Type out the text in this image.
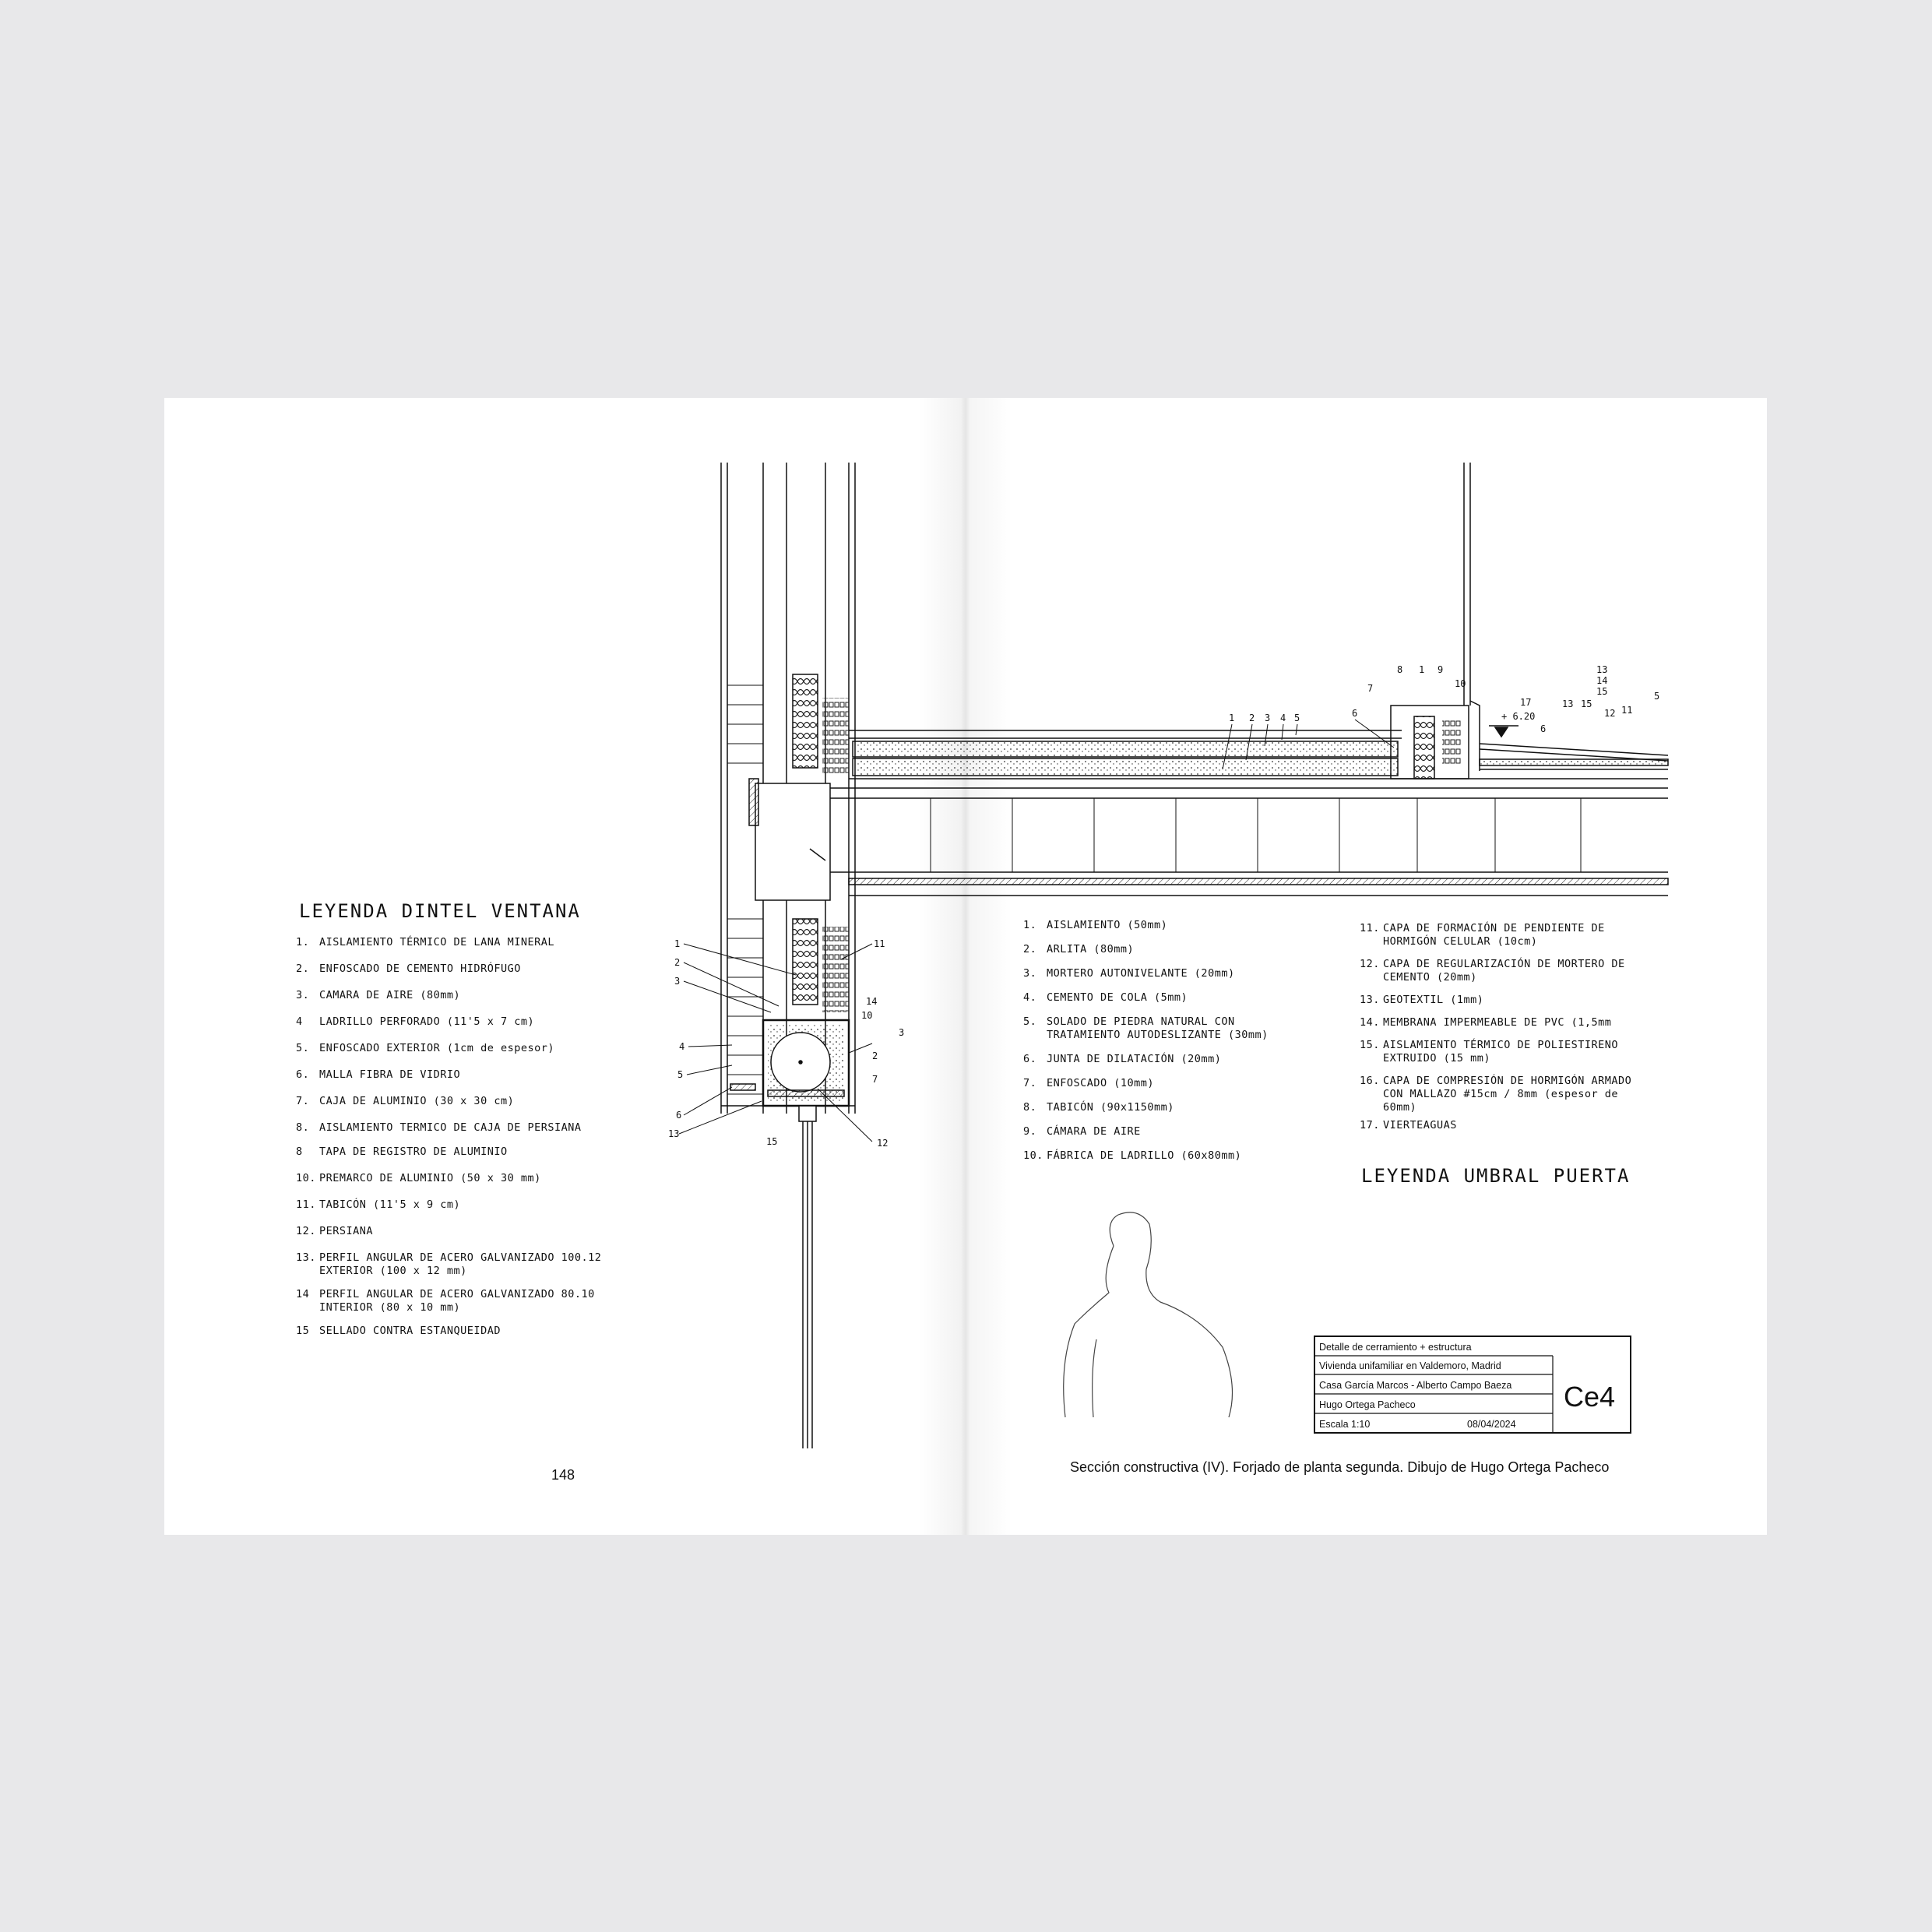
1
2
3
4
5
6
13
15
11
14
10
3
2
7
12
1 2 3 4 5	6
7
8 1 9
10
17
+ 6.20
13
14
15
13 15
12 11
5
6
Detalle de cerramiento + estructura
Vivienda unifamiliar en Valdemoro, Madrid
Casa García Marcos - Alberto Campo Baeza
Hugo Ortega Pacheco
Escala 1:10	08/04/2024
Ce4
LEYENDA DINTEL VENTANA
1. AISLAMIENTO TÉRMICO DE LANA MINERAL
2. ENFOSCADO DE CEMENTO HIDRÓFUGO
3. CAMARA DE AIRE (80mm)
4	LADRILLO PERFORADO (11'5 x 7 cm)
5. ENFOSCADO EXTERIOR (1cm de espesor)
6. MALLA FIBRA DE VIDRIO
7. CAJA DE ALUMINIO (30 x 30 cm)
8. AISLAMIENTO TERMICO DE CAJA DE PERSIANA
8	TAPA DE REGISTRO DE ALUMINIO
10. PREMARCO DE ALUMINIO (50 x 30 mm)
11. TABICÓN (11'5 x 9 cm)
12. PERSIANA
13. PERFIL ANGULAR DE ACERO GALVANIZADO 100.12 EXTERIOR (100 x 12 mm)
14 PERFIL ANGULAR DE ACERO GALVANIZADO 80.10 INTERIOR (80 x 10 mm)
15 SELLADO CONTRA ESTANQUEIDAD
148
1. AISLAMIENTO (50mm)
2. ARLITA (80mm)
3. MORTERO AUTONIVELANTE (20mm)
4. CEMENTO DE COLA (5mm)
5. SOLADO DE PIEDRA NATURAL CON TRATAMIENTO AUTODESLIZANTE (30mm)
6. JUNTA DE DILATACIÓN (20mm)
7. ENFOSCADO (10mm)
8. TABICÓN (90x1150mm)
9. CÁMARA DE AIRE
10. FÁBRICA DE LADRILLO (60x80mm)
11. CAPA DE FORMACIÓN DE PENDIENTE DE HORMIGÓN CELULAR (10cm)
12. CAPA DE REGULARIZACIÓN DE MORTERO DE CEMENTO (20mm)
13. GEOTEXTIL (1mm)
14. MEMBRANA IMPERMEABLE DE PVC (1,5mm
15. AISLAMIENTO TÉRMICO DE POLIESTIRENO EXTRUIDO (15 mm)
16. CAPA DE COMPRESIÓN DE HORMIGÓN ARMADO CON MALLAZO #15cm / 8mm (espesor de 60mm)
17. VIERTEAGUAS
LEYENDA UMBRAL PUERTA
Sección constructiva (IV). Forjado de planta segunda. Dibujo de Hugo Ortega Pacheco
